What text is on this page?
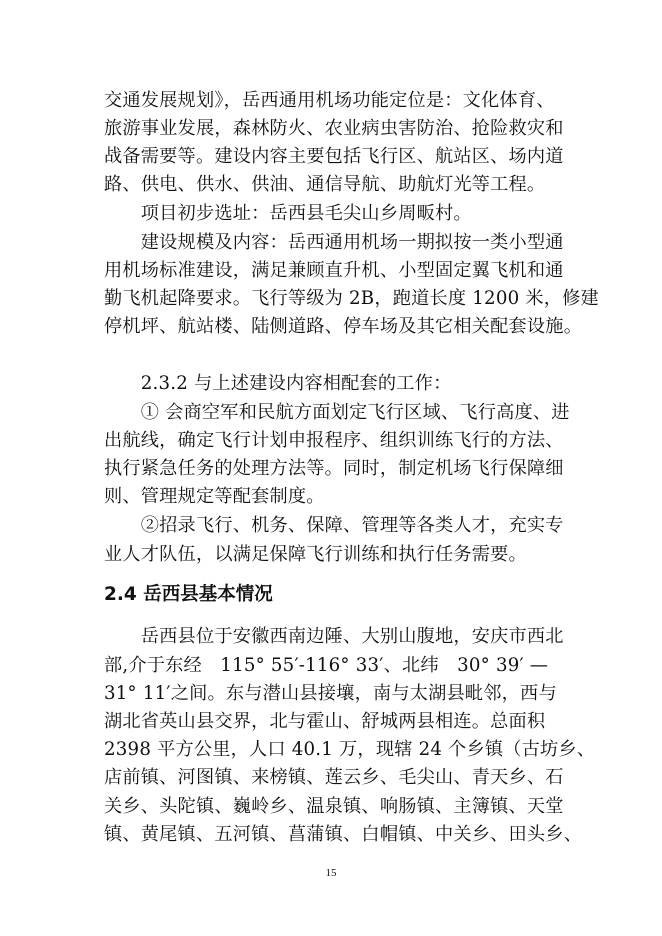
交通发展规划》，岳西通用机场功能定位是：文化体育、
旅游事业发展，森林防火、农业病虫害防治、抢险救灾和
战备需要等。建设内容主要包括飞行区、航站区、场内道
路、供电、供水、供油、通信导航、助航灯光等工程。
　　项目初步选址：岳西县毛尖山乡周畈村。
　　建设规模及内容：岳西通用机场一期拟按一类小型通
用机场标准建设，满足兼顾直升机、小型固定翼飞机和通
勤飞机起降要求。飞行等级为 2B，跑道长度 1200 米，修建
停机坪、航站楼、陆侧道路、停车场及其它相关配套设施。
　　2.3.2 与上述建设内容相配套的工作：
　　① 会商空军和民航方面划定飞行区域、飞行高度、进
出航线，确定飞行计划申报程序、组织训练飞行的方法、
执行紧急任务的处理方法等。同时，制定机场飞行保障细
则、管理规定等配套制度。
　　②招录飞行、机务、保障、管理等各类人才，充实专
业人才队伍，以满足保障飞行训练和执行任务需要。
2.4 岳西县基本情况
　　岳西县位于安徽西南边陲、大别山腹地，安庆市西北
部,介于东经　115° 55′-116° 33′、北纬　30° 39′ —
31° 11′之间。东与潜山县接壤，南与太湖县毗邻，西与
湖北省英山县交界，北与霍山、舒城两县相连。总面积
2398 平方公里，人口 40.1 万，现辖 24 个乡镇（古坊乡、
店前镇、河图镇、来榜镇、莲云乡、毛尖山、青天乡、石
关乡、头陀镇、巍岭乡、温泉镇、响肠镇、主簿镇、天堂
镇、黄尾镇、五河镇、菖蒲镇、白帽镇、中关乡、田头乡、
15
